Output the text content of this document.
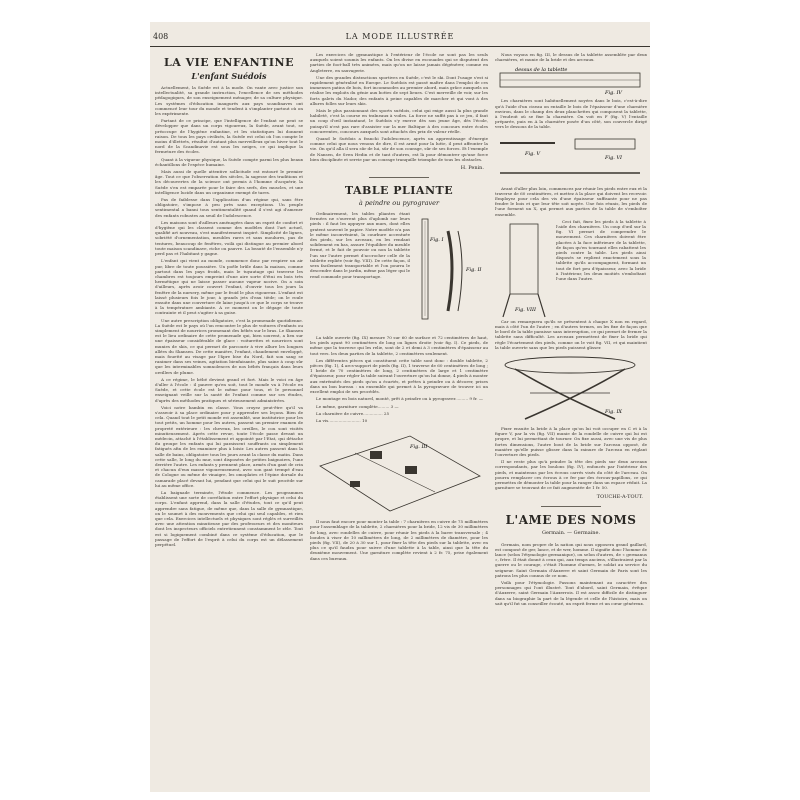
408	LA MODE ILLUSTRÉE
LA VIE ENFANTINE
L'enfant Suédois

Actuellement, la Suède est à la mode. On vante avec justice son intellectualité, sa grande instruction, l'excellence de ses méthodes pédagogiques, de son enseignement ménager, de sa culture physique. Les systèmes d'éducation inaugurés aux pays scandinaves ont commencé leur tour du monde et tendent à s'implanter partout où on les expérimente.

Partant de ce principe, que l'intelligence de l'enfant ne peut se développer que dans un corps vigoureux, la Suède, avant tout, se préoccupe de l'hygiène enfantine, et les statistiques lui donnent raison. De tous les pays civilisés, la Suède est celui où l'on compte le moins d'illettrés, résultat d'autant plus merveilleux qu'on hiver tout le nord de la Scandinavie est sous les neiges, ce qui implique la fermeture des écoles.

Quant à la vigueur physique, la Suède compte parmi les plus beaux échantillons de l'espèce humaine.

Mais aussi de quelle attentive sollicitude est entouré le premier âge. Tout ce que l'observation des siècles, la sagesse des traditions et les découvertes de la science ont permis à l'homme d'acquérir, la Suède s'en est emparée pour le faire des serfs, des muscles, et une intelligence lucide dans un organisme exempt de tares.

Pas de faiblesse dans l'application d'un régime qui, sans être obligatoire, s'impose à peu près sans exceptions. Un peuple sentimental a banni tous sentimentalité quand il s'est agi d'amener des enfants robustes au seuil de l'adolescence.

Les maisons sont d'ailleurs aménagées dans un esprit de confort et d'hygiène qui les classent comme des modèles dont l'art actuel, qualifié art nouveau, s'est manifestement inspiré. Simplicité de lignes, sobriété d'ornementation, meubles rares et sans moulures, pas de tentures, beaucoup de fenêtres, voilà qui distingue au premier abord toute maison scandinave, riche ou pauvre. La beauté de l'ensemble n'y perd pas et l'habitant y gagne.

L'enfant qui vient au monde, commence donc par respirer un air pur, libre de toute poussière. Un poêle brûle dans la maison, comme partout dans les pays froids, mais le tuyautage qui traverse les chambres est toujours empreint d'une aire sorte d'étui en bois très hermétique qui ne laisse passer aucune vapeur nocive. On a soin d'ailleurs, après avoir couvert l'enfant, d'ouvrir tous les jours la fenêtre de la nursery, même par le froid le plus rigoureux. L'enfant est laissé plusieurs fois le jour, à grands jets d'eau tiède; on le roule ensuite dans une couverture de laine jusqu'à ce que le corps se trouve à la température ambiante. A ce moment on le dégage de toute contrainte et il peut s'agiter à sa guise.

Une autre prescription obligatoire, c'est la promenade quotidienne. La Suède est le pays où l'on rencontre le plus de voitures d'enfants ou simplement de nourrices promenant des bébés sur le bras. Le Skansen est le lieu ordinaire de cette promenade qui, bien souvent, a lieu sur une épaisseur considérable de glace : voiturettes et nourrices sont munies de skis, ce qui permet de parcourir à vive allure les longues allées du Skansen. De cette manière, l'enfant, chaudement enveloppé, mais fouetté au visage par l'âpre bise du Nord, fait son sang se ranimer dans ses veines, agitation bienfaisante, plus saine à coup sûr que les interminables somnolences de nos bébés français dans leurs oreillers de plume.

A ce régime, le bébé devient grand et fort. Mais le voici en âge d'aller à l'école : il pauvre qu'en soit, tout le monde va à l'école en Suède, et cette école est le même pour tous, et le personnel enseignant veille sur la santé de l'enfant comme sur ses études, d'après des méthodes pratiques et sérieusement administrées.

Voici notre bambin en classe. Vous croyez peut-être qu'il va s'asseoir à sa place ordinaire pour y apprendre ses leçons. Bien de cela. Quand tout le petit monde est assemblé, une institutrice pour les tout petits, un homme pour les autres, passent un premier examen de propreté extérieure : les cheveux, les oreilles, le cou sont visités minutieusement. Après cette revue, toute l'école passe devant un médecin, attaché à l'établissement et appointé par l'Etat, qui détache du groupe les enfants qui lui paraissent souffrants ou simplement fatigués afin de les examiner plus à loisir. Les autres passent dans la salle de bains, obligatoire tous les jours avant la classe du matin. Dans cette salle, le long du mur, sont disposées de petites baignoires, l'une derrière l'autre. Les enfants y prennent place, armés d'un gant de crin et chacun d'eux masse vigoureusement, avec son gant trempé d'eau de Cologne ou même de vinaigre, les omoplates et l'épine dorsale du camarade placé devant lui, pendant que celui qui le suit procède sur lui au même office.

La baignade terminée, l'étude commence. Les programmes établissent une sorte de corrélation entre l'effort physique et celui du corps. L'enfant apprend, dans la salle d'études, tout ce qu'il peut apprendre sans fatigue, de même que, dans la salle de gymnastique, on le soumet à des mouvements que celui qui seul capables, et rien que cela. Exercices intellectuels et physiques sont réglés et surveillés avec une attention minutieuse par des professeurs et des moniteurs dont les inspecteurs officiels entretiennent constamment le zèle. Tout est si logiquement combiné dans ce système d'éducation, que le passage de l'effort de l'esprit à celui du corps est un délassement perpétuel.

Les exercices de gymnastique à l'extérieur de l'école ne sont pas les seuls auxquels soient soumis les enfants. On les divise en escouades qui se disputent des parties de foot-ball très animées, mais qu'on ne laisse jamais dégénérer, comme en Angleterre, en sauvagerie.

Une des grandes distractions sportives en Suède, c'est le ski. Dont l'usage s'est si rapidement généralisé en Europe. Le Suédois est passé maître dans l'emploi de ces immenses patins de bois, fort incommodes au premier abord, mais grâce auxquels on réalise les exploits du génie aux bottes de sept lieues. C'est merveille de voir, sur les forts galets du Nador, des enfants à peine capables de marcher et qui vont à des allures folles sur leurs skis.

Mais le plus passionnant des sports suédois, celui qui exige aussi la plus grande habileté, c'est la course en traîneaux à voiles. La force ne suffit pas à ce jeu, il faut un coup d'œil instantané, le Suédois s'y exerce dès son jeune âge, dès l'école, puisqu'il n'est pas rare d'assister sur la mer Baltique à des concours entre écoles concurrentes, concours auxquels sont attachés des prix de valeur réelle.

Quand le Suédois a franchi l'adolescence, après un apprentissage d'énergie comme celui que nous venons de dire, il est armé pour la lutte, il peut affronter la vie. On qu'il alla il sera sûr de lui, sûr de son courage, sûr de ses forces. Et l'exemple de Nansen, de Sven Hedin et de tant d'autres, est là pour démontrer qu'une force bien disciplinée et servie par un courage tranquille triomphe de tous les obstacles.

H. Penin.
TABLE PLIANTE
à peindre ou pyrograver

Ordinairement, les tables pliantes étant fermées ne s'ouvrent plus d'aplomb sur leurs pieds : il faut les appuyer aux murs, dont elles gratent souvent le papier. Notre modèle n'a pas le même inconvénient, la courbure accentuée des pieds, sur les arceaux, en les rendant solidement en bas, assure l'équilibre du meuble fermé, et le fait de pouvoir ou non la tablette l'un sur l'autre permet d'accrocher celle de la tablette repliée (voir fig. VIII). De cette façon, il sera facilement transportable et l'on pourra le descendre dans le jardin, même pas léger qui le rend commode pour transportage.

Fig. I
Fig. II

La table ouverte (fig. IX) mesure 70 sur 60 de surface et 72 centimètres de haut, les pieds ayant 90 centimètres de long ou lignes droite (voir fig. I). Ce pieds, de même que la traverse qui les relie, sont de 2 et demi à 3 centimètres d'épaisseur au tout vers. les deux parties de la tablette, 2 centimètres seulement.

Les différentes pièces qui constituent cette table sont donc : double tablette, 2 pièces (fig. 1), 4 arcs-support de pieds (fig. II), 1 traverse de 60 centimètres de long ; 1 bride de 70 centimètres de long, 2 centimètres de large et 1 centimètre d'épaisseur, pour régler la table suivant l'ouverture qu'on lui donne, 4 pieds à monter aux extrémités des pieds qu'on a écartés, et prêtes à peindre ou à décorer, prises dans un bon bureau : un ensemble qui permet à la pyrogravure de trouver ici un excellent emploi de ses procédés.

Le montage en bois naturel, monté, prêt à peindre ou à pyrograver.......... 9 fr. —

Le même, garniture complète......... 3 —

La charnière de cuivre............... 25

La vis......................... 10

Fig. III

Il nous faut encore pour monter la table : 7 charnières en cuivre de 75 millimètres pour l'assemblage de la tablette, 2 charnières pour la bride, 12 vis de 30 millimètres de long, avec rondelles de cuivre, pour réunir les pieds à la barre transversale ; 4 bondes à viser de 10 millimètres de long, de 2 millimètres de diamètre, pour les pieds (fig. VII), de 20 à 30 sur 1, pour fixer la tête des pieds sur la tablette, avec en plus ce qu'il faudra pour suivre d'une tablette à la table, ainsi que la tête du deuxième mouvement. Une garniture complète revient à 2 fr. 75, prise également dans ces bureaux.

Nous voyons en fig. III, le dessus de la tablette assemblée par deux charnières, et munie de la bride et des arceaux.

dessus de la tablette
Fig. IV

Les charnières sont habituellement noyées dans le bois, c'est-à-dire qu'à l'aide d'un ciseau on entaille le bois de l'épaisseur d'une charnière environ, dans le champ des deux planchettes qui composent la tablette, à l'endroit où se fixe la charnière. On voit en F (fig. V) l'entaille préparée, puis en A la charnière posée d'un côté, son couvercle dirigé vers le dessous de la table.

Fig. V
Fig. VI

Avant d'aller plus loin, commencez par réunir les pieds entre eux et la traverse de 60 centimètres, et mettez à la place qui doivent les recevoir. Employez pour cela des vis d'une épaisseur suffisante pour ne pas fendre le bois et que leur tête soit noyée. Une fois réunis, les pieds de l'une forment un X, qui permet aux parties de la table de s'emboîter ensemble.

Fig. VIII

Ceci fait, fixez les pieds à la tablette à l'aide des charnières. Un coup d'œil sur la fig. VI permet de comprendre le mouvement. Ces charnières doivent être placées à la face inférieure de la tablette, de façon qu'en tournant elles rabattent les pieds contre la table. Les pieds ainsi disposés se replient exactement sous la tablette qu'ils accompagnent, formant un tout de fort peu d'épaisseur, avec la bride à l'intérieur, les deux moitiés s'emboîtant l'une dans l'autre.

Car on remarquera qu'ils se présentent à chaque X non en regard, mais à côté l'un de l'autre ; en d'autres termes, on les fixe de façon que le bord de la table paraisse sans interruption, ce qui permet de fermer la tablette sans difficulté. Les arceaux permettent de fixer la bride qui règle l'écartement des pieds, comme on le voit fig. VII, et qui maintient la table ouverte sans que les pieds puissent glisser.

Fig. IX

Fixer ensuite la bride à la place qu'on lui voit occuper en C et à la figure V, par la vis (fig. VII) munie de la rondelle de cuivre qui lui est propre, et lui permettant de tourner. On fixe aussi, avec une vis de plus fortes dimensions, l'autre bout de la bride sur l'arceau opposé, de manière qu'elle puisse glisser dans la rainure de l'arceau en réglant l'ouverture des pieds.

Il ne reste plus qu'à peindre la tête des pieds sur deux arceaux correspondants, par les boulons (fig. IV), enfoncés par l'intérieur des pieds, et maintenus par les écrous carrés visés du côté de l'arceau. On pourra remplacer ces écrous à ce fer par des écrous-papillons, ce qui permettra de démonter la table pour la ranger dans un espace réduit. La garniture se trouvant de ce fait augmentée de 1 fr. 50.

TOUCHE-A-TOUT.
L'AME DES NOMS
Germain. — Germaine.

Germain, nom propre de la nation qui nous opposera grand gaillard, est composé de ger, lance, et de wer, homme. Il signifie donc l'homme de lance (selon l'étymologie germanique), ou selon d'autres, de « germanus », frère. Il était donné à ceux qui, aux temps anciens, s'illustraient par la guerre ou le courage, c'était l'homme d'armes, le soldat au service du seigneur. Saint Germain d'Auxerre et saint Germain de Paris sont les patrons les plus connus de ce nom.

Voilà pour l'étymologie. Passons maintenant au caractère des personnages qui l'ont illustré. Tout d'abord, saint Germain, évêque d'Auxerre, saint Germain l'Auxerrois. Il est assez difficile de distinguer dans sa biographie la part de la légende et celle de l'histoire, mais on sait qu'il fut un conseiller écouté, un esprit ferme et un cœur généreux.
